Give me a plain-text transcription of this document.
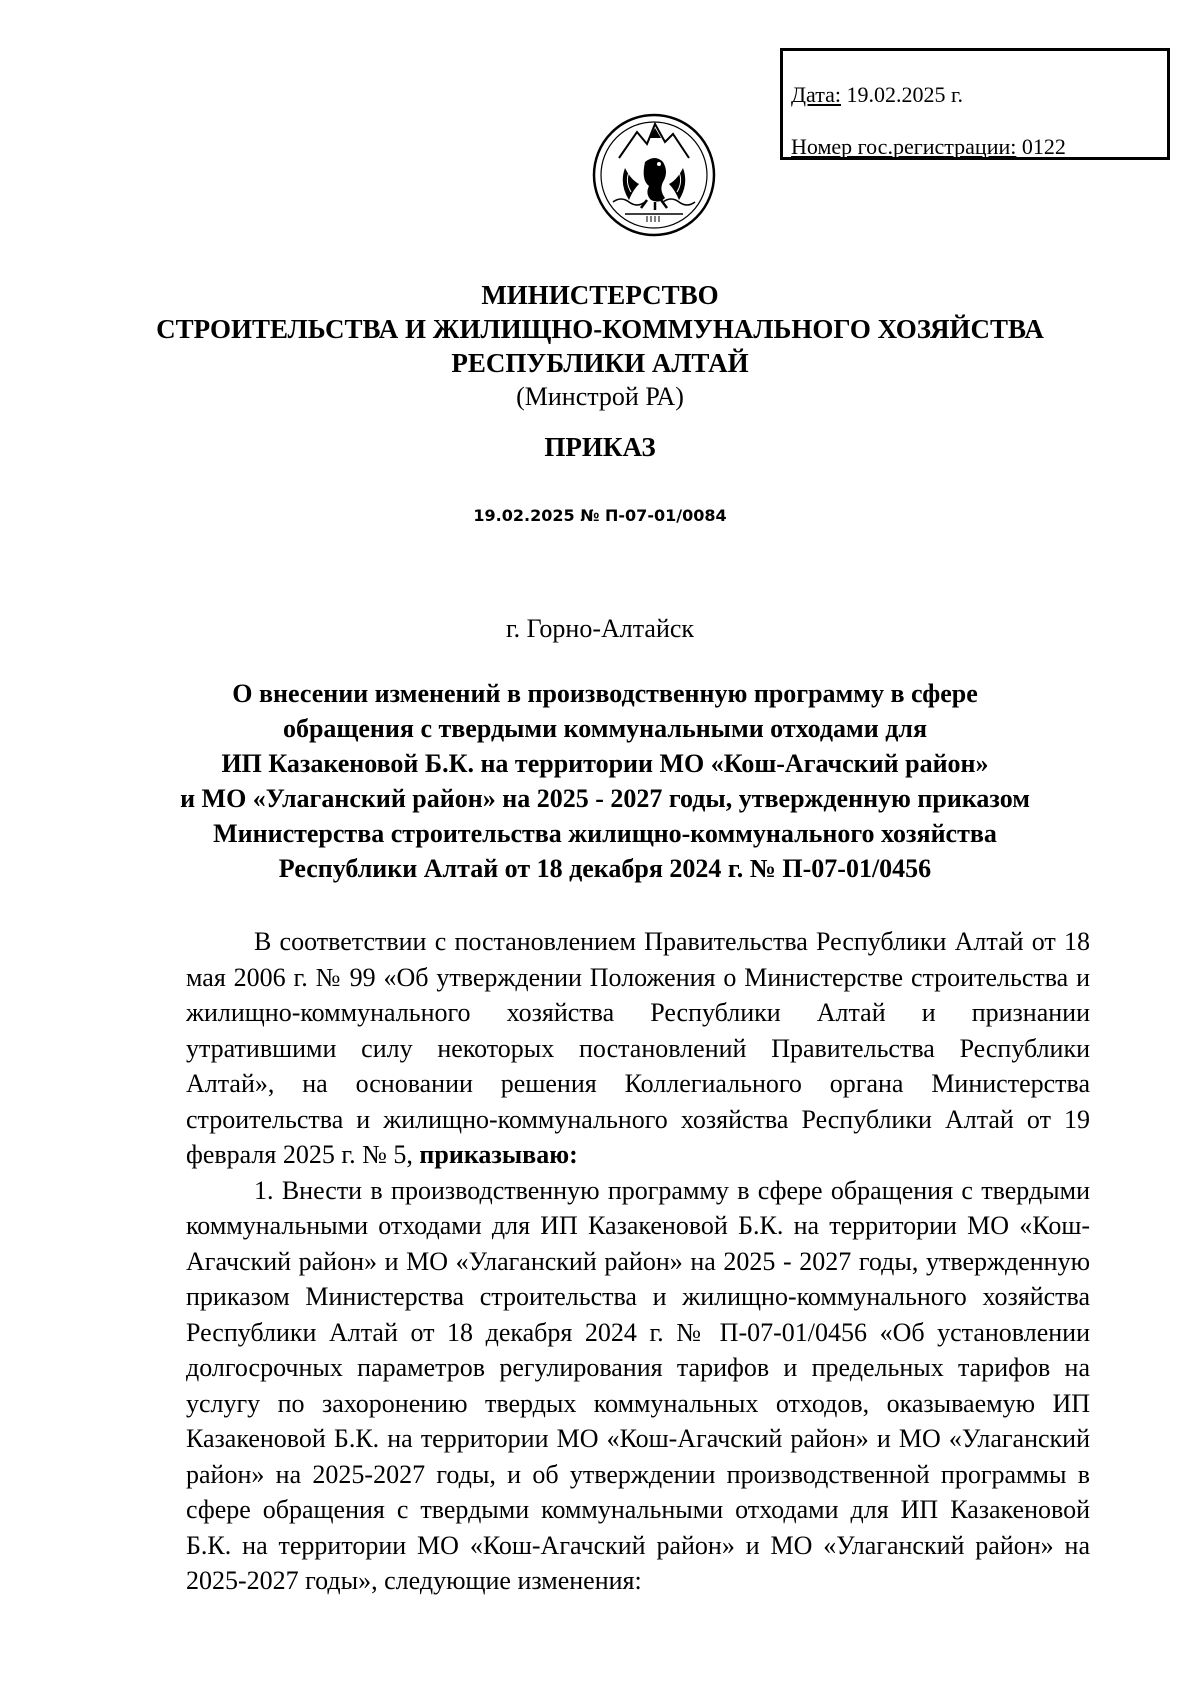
Дата: 19.02.2025 г.
Номер гос.регистрации: 0122
МИНИСТЕРСТВО
СТРОИТЕЛЬСТВА И ЖИЛИЩНО-КОММУНАЛЬНОГО ХОЗЯЙСТВА
РЕСПУБЛИКИ АЛТАЙ
(Минстрой РА)
ПРИКАЗ
19.02.2025 № П-07-01/0084
г. Горно-Алтайск
О внесении изменений в производственную программу в сфере
обращения с твердыми коммунальными отходами для
ИП Казакеновой Б.К. на территории МО «Кош-Агачский район»
и МО «Улаганский район» на 2025 - 2027 годы, утвержденную приказом
Министерства строительства жилищно-коммунального хозяйства
Республики Алтай от 18 декабря 2024 г. № П-07-01/0456

В соответствии с постановлением Правительства Республики Алтай от 18 мая 2006 г. № 99 «Об утверждении Положения о Министерстве строительства и жилищно-коммунального хозяйства Республики Алтай и признании утратившими силу некоторых постановлений Правительства Республики Алтай», на основании решения Коллегиального органа Министерства строительства и жилищно-коммунального хозяйства Республики Алтай от 19 февраля 2025 г. № 5, приказываю:

1. Внести в производственную программу в сфере обращения с твердыми коммунальными отходами для ИП Казакеновой Б.К. на территории МО «Кош-Агачский район» и МО «Улаганский район» на 2025 - 2027 годы, утвержденную приказом Министерства строительства и жилищно-коммунального хозяйства Республики Алтай от 18 декабря 2024 г. № П-07-01/0456 «Об установлении долгосрочных параметров регулирования тарифов и предельных тарифов на услугу по захоронению твердых коммунальных отходов, оказываемую ИП Казакеновой Б.К. на территории МО «Кош-Агачский район» и МО «Улаганский район» на 2025-2027 годы, и об утверждении производственной программы в сфере обращения с твердыми коммунальными отходами для ИП Казакеновой Б.К. на территории МО «Кош-Агачский район» и МО «Улаганский район» на 2025-2027 годы», следующие изменения:
